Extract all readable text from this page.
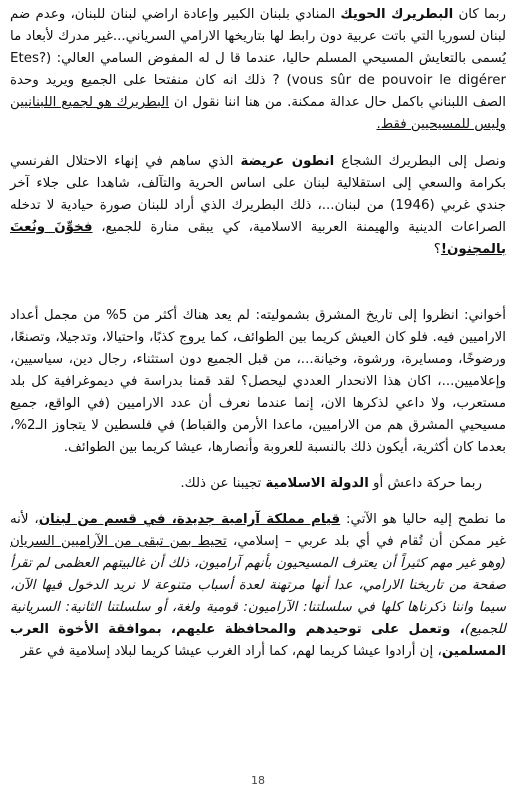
ربما كان البطريرك الحويك المنادي بلبنان الكبير وإعادة اراضي لبنان للبنان، وعدم ضم لبنان لسوريا التي باتت عربية دون رابط لها بتاريخها الارامي السرياني...غير مدرك لأبعاد ما يُسمى بالتعايش المسيحي المسلم حاليا، عندما قا ل له المفوض السامي العالي: (?Etes vous sûr de pouvoir le digérer) ? ذلك انه كان منفتحا على الجميع ويريد وحدة الصف اللبناني باكمل حال عدالة ممكنة. من هنا اننا نقول ان البطريرك هو لجميع اللبنانيين وليس للمسيحيين فقط.

ونصل إلى البطريرك الشجاع انطون عريضة الذي ساهم في إنهاء الاحتلال الفرنسي بكرامة والسعي إلى استقلالية لبنان على اساس الحرية والتآلف، شاهدا على جلاء آخر جندي غربي (1946) من لبنان...، ذلك البطريرك الذي أراد للبنان صورة حيادية لا تدخله الصراعات الدينية والهيمنة العربية الاسلامية، كي يبقى منارة للجميع، فخوِّنَ ونُعتَ بالمجنون!؟

أخواني: انظروا إلى تاريخ المشرق بشموليته: لم يعد هناك أكثر من 5% من مجمل أعداد الاراميين فيه. فلو كان العيش كريما بين الطوائف، كما يروج كذبًا، واحتيالا، وتدجيلا، وتصنعًا، ورضوخًا، ومسايرة، ورشوة، وخيانة...، من قبل الجميع دون استثناء، رجال دين، سياسيين، وإعلاميين...، اكان هذا الانحدار العددي ليحصل؟ لقد قمنا بدراسة في ديموغرافية كل بلد مستعرب، ولا داعي لذكرها الان، إنما عندما نعرف أن عدد الاراميين (في الواقع، جميع مسيحيي المشرق هم من الاراميين، ماعدا الأرمن والقباط) في فلسطين لا يتجاوز الـ2%، بعدما كان أكثرية، أيكون ذلك بالنسبة للعروبة وأنصارها، عيشا كريما بين الطوائف.

ربما حركة داعش أو الدولة الاسلامية تجيبنا عن ذلك.

ما نطمح إليه حاليا هو الآتي: قيام مملكة آرامية جديدة، في قسم من لبنان، لأنه غير ممكن أن تُقام في أي بلد عربي – إسلامي، تحيط بمن تبقى من الآراميين السريان (وهو غير مهم كثيراً أن يعترف المسيحيون بأنهم آراميون، ذلك أن غالبيتهم العظمى لم تقرأ صفحة من تاريخنا الارامي، عدا أنها مرتهنة لعدة أسباب متنوعة لا نريد الدخول فيها الآن، سيما واننا ذكرناها كلها في سلسلتنا: الآراميون: قومية ولغة، أو سلسلتنا الثانية: السريانية للجميع)، وتعمل على توحيدهم والمحافظة عليهم، بموافقة الأخوة العرب المسلمين، إن أرادوا عيشا كريما لهم، كما أراد الغرب عيشا كريما لبلاد إسلامية في عقر

18
